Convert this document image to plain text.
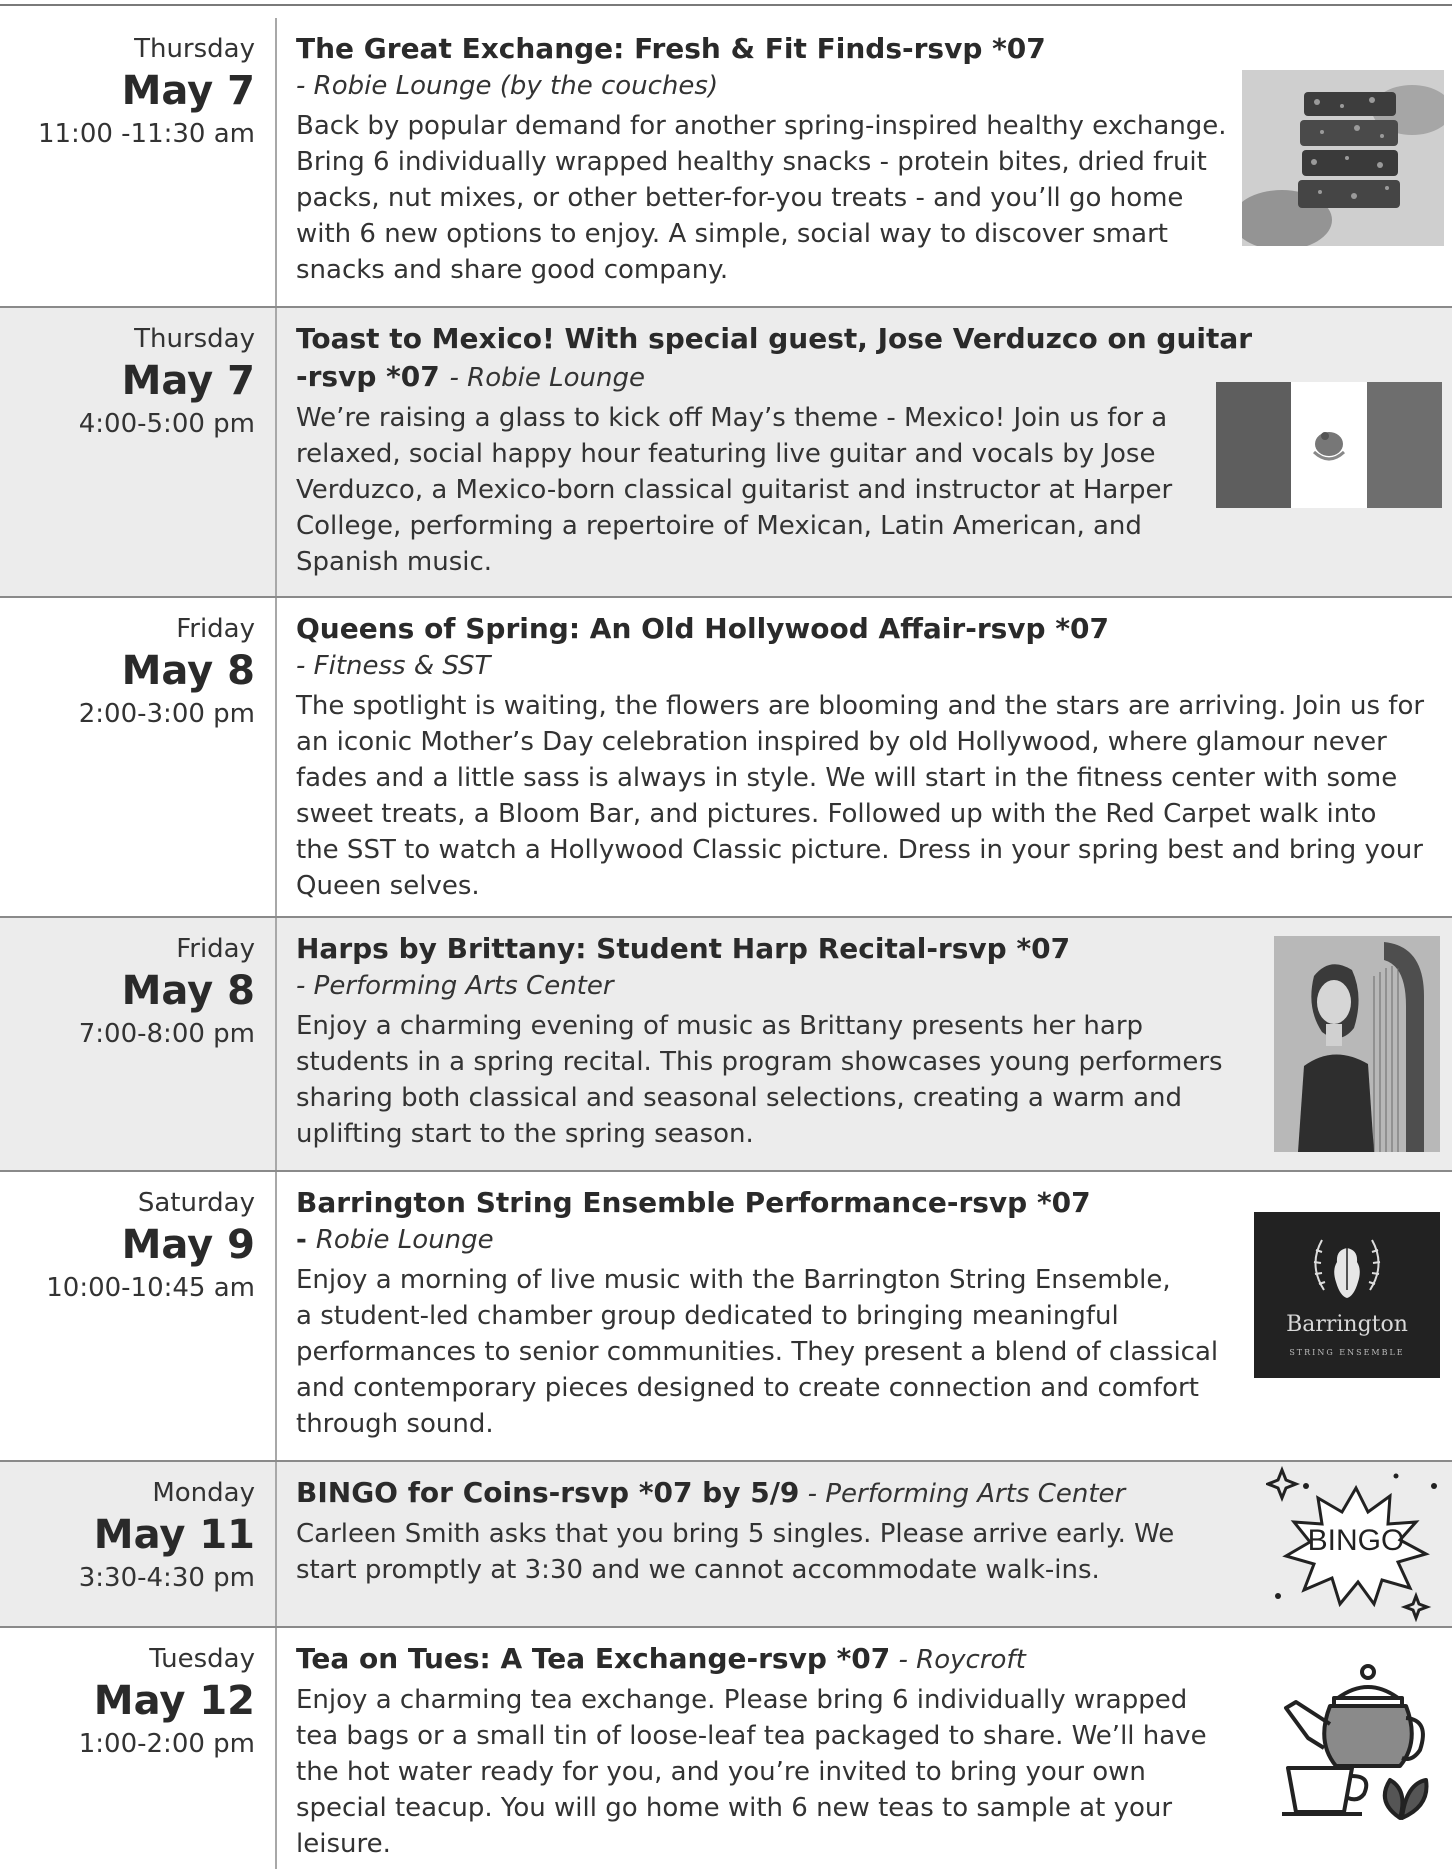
Thursday
May 7
11:00 -11:30 am
The Great Exchange: Fresh & Fit Finds-rsvp *07
- Robie Lounge (by the couches)
Back by popular demand for another spring-inspired healthy exchange.
Bring 6 individually wrapped healthy snacks - protein bites, dried fruit
packs, nut mixes, or other better-for-you treats - and you’ll go home
with 6 new options to enjoy. A simple, social way to discover smart
snacks and share good company.
Thursday
May 7
4:00-5:00 pm
Toast to Mexico! With special guest, Jose Verduzco on guitar
-rsvp *07 - Robie Lounge
We’re raising a glass to kick off May’s theme - Mexico! Join us for a
relaxed, social happy hour featuring live guitar and vocals by Jose
Verduzco, a Mexico-born classical guitarist and instructor at Harper
College, performing a repertoire of Mexican, Latin American, and
Spanish music.
Friday
May 8
2:00-3:00 pm
Queens of Spring: An Old Hollywood Affair-rsvp *07
- Fitness & SST
The spotlight is waiting, the flowers are blooming and the stars are arriving. Join us for
an iconic Mother’s Day celebration inspired by old Hollywood, where glamour never
fades and a little sass is always in style. We will start in the fitness center with some
sweet treats, a Bloom Bar, and pictures. Followed up with the Red Carpet walk into
the SST to watch a Hollywood Classic picture. Dress in your spring best and bring your
Queen selves.
Friday
May 8
7:00-8:00 pm
Harps by Brittany: Student Harp Recital-rsvp *07
- Performing Arts Center
Enjoy a charming evening of music as Brittany presents her harp
students in a spring recital. This program showcases young performers
sharing both classical and seasonal selections, creating a warm and
uplifting start to the spring season.
Saturday
May 9
10:00-10:45 am
Barrington String Ensemble Performance-rsvp *07
- Robie Lounge
Enjoy a morning of live music with the Barrington String Ensemble,
a student-led chamber group dedicated to bringing meaningful
performances to senior communities. They present a blend of classical
and contemporary pieces designed to create connection and comfort
through sound.
Barrington
STRING ENSEMBLE
Monday
May 11
3:30-4:30 pm
BINGO for Coins-rsvp *07 by 5/9 - Performing Arts Center
Carleen Smith asks that you bring 5 singles. Please arrive early. We
start promptly at 3:30 and we cannot accommodate walk-ins.
BINGO
Tuesday
May 12
1:00-2:00 pm
Tea on Tues: A Tea Exchange-rsvp *07 - Roycroft
Enjoy a charming tea exchange. Please bring 6 individually wrapped
tea bags or a small tin of loose-leaf tea packaged to share. We’ll have
the hot water ready for you, and you’re invited to bring your own
special teacup. You will go home with 6 new teas to sample at your
leisure.
